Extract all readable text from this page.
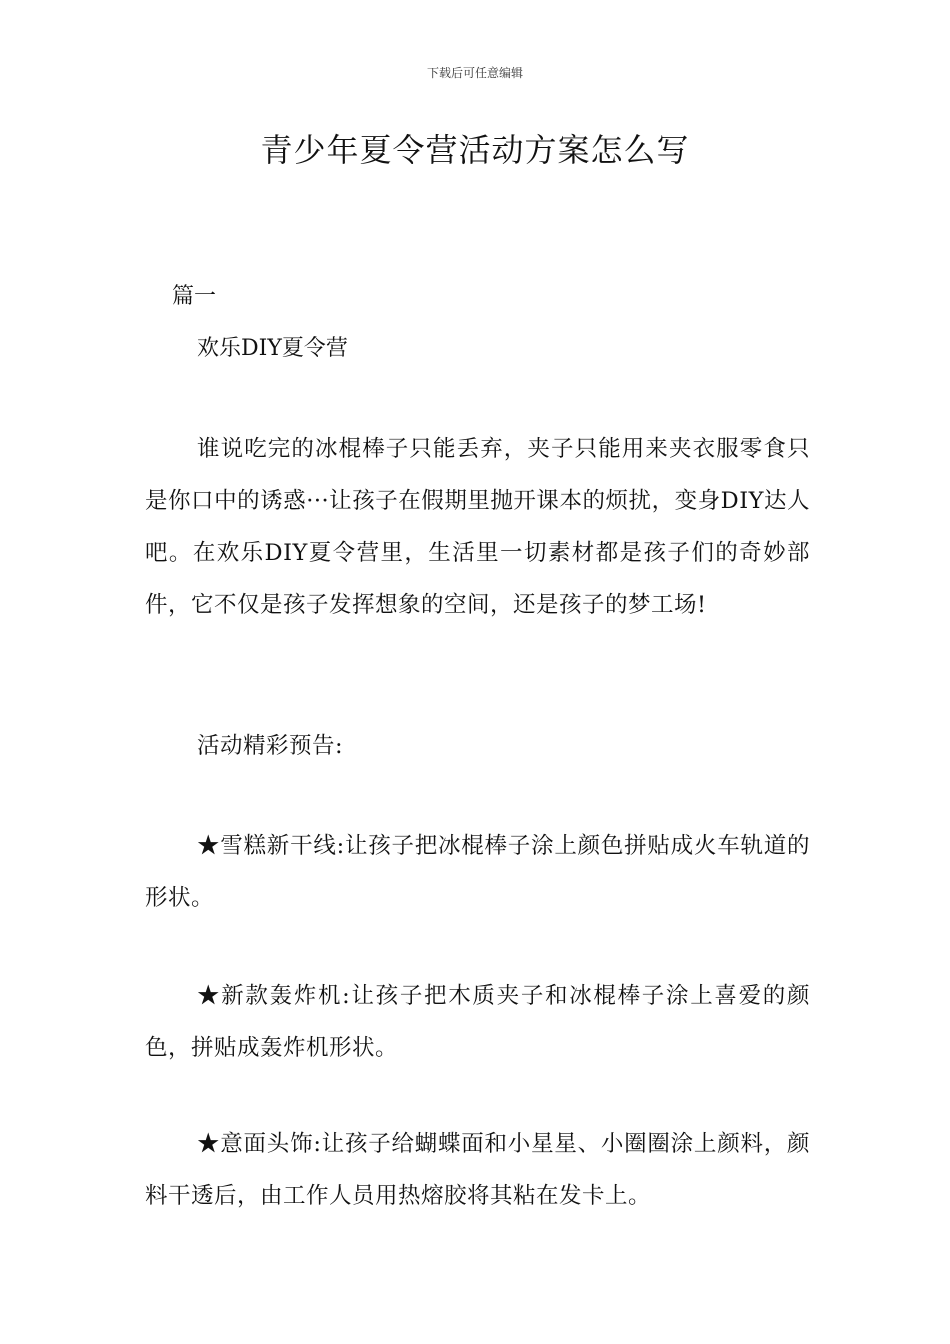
下载后可任意编辑
青少年夏令营活动方案怎么写
篇一
欢乐DIY夏令营

谁说吃完的冰棍棒子只能丢弃，夹子只能用来夹衣服零食只是你口中的诱惑···让孩子在假期里抛开课本的烦扰，变身DIY达人吧。在欢乐DIY夏令营里，生活里一切素材都是孩子们的奇妙部件，它不仅是孩子发挥想象的空间，还是孩子的梦工场!

活动精彩预告:

★雪糕新干线:让孩子把冰棍棒子涂上颜色拼贴成火车轨道的形状。

★新款轰炸机:让孩子把木质夹子和冰棍棒子涂上喜爱的颜色，拼贴成轰炸机形状。

★意面头饰:让孩子给蝴蝶面和小星星、小圈圈涂上颜料，颜料干透后，由工作人员用热熔胶将其粘在发卡上。
